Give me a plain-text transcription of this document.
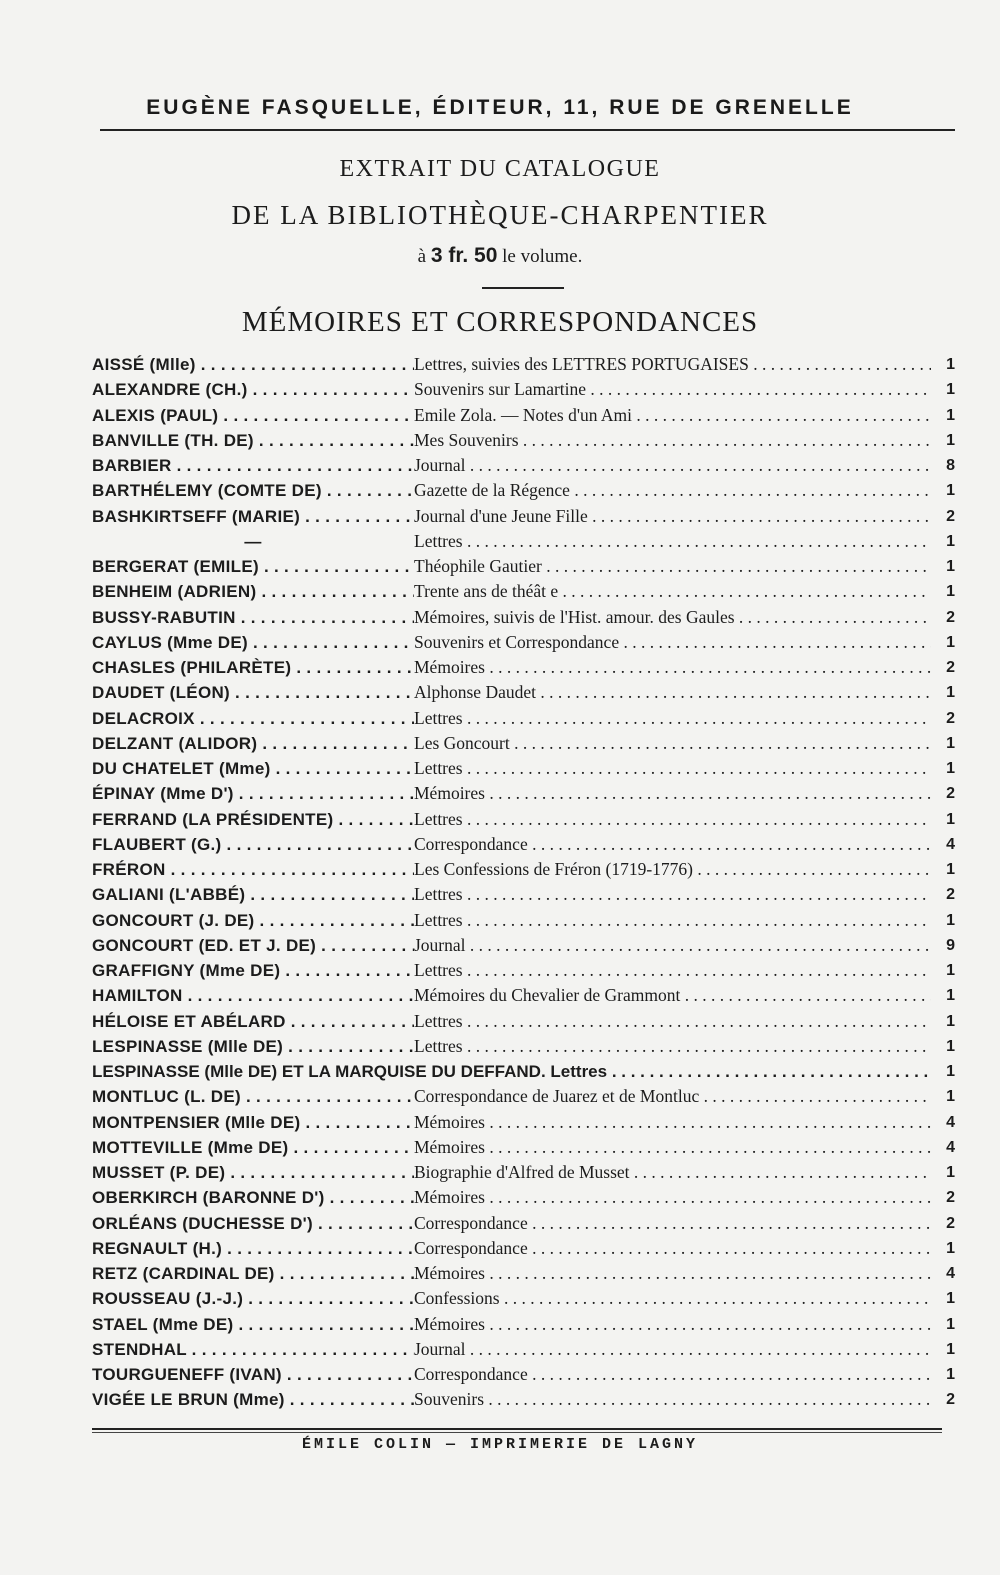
EUGÈNE FASQUELLE, ÉDITEUR, 11, RUE DE GRENELLE
EXTRAIT DU CATALOGUE
DE LA BIBLIOTHÈQUE-CHARPENTIER
à 3 fr. 50 le volume.
MÉMOIRES ET CORRESPONDANCES
AISSÉ (Mlle) . . .	Lettres, suivies des LETTRES PORTUGAISES . . .	1
ALEXANDRE (CH.) . . .	Souvenirs sur Lamartine . . .	1
ALEXIS (PAUL) . . .	Emile Zola. — Notes d'un Ami . . .	1
BANVILLE (TH. DE) . . .	Mes Souvenirs . . .	1
BARBIER . . .	Journal . . .	8
BARTHÉLEMY (COMTE DE) . . .	Gazette de la Régence . . .	1
BASHKIRTSEFF (MARIE) . . .	Journal d'une Jeune Fille . . .	2
—	Lettres . . .	1
BERGERAT (EMILE) . . .	Théophile Gautier . . .	1
BENHEIM (ADRIEN) . . .	Trente ans de théât e . . .	1
BUSSY-RABUTIN . . .	Mémoires, suivis de l'Hist. amour. des Gaules . . .	2
CAYLUS (Mme DE) . . .	Souvenirs et Correspondance . . .	1
CHASLES (PHILARÈTE) . . .	Mémoires . . .	2
DAUDET (LÉON) . . .	Alphonse Daudet . . .	1
DELACROIX . . .	Lettres . . .	2
DELZANT (ALIDOR) . . .	Les Goncourt . . .	1
DU CHATELET (Mme) . . .	Lettres . . .	1
ÉPINAY (Mme D') . . .	Mémoires . . .	2
FERRAND (LA PRÉSIDENTE) . . .	Lettres . . .	1
FLAUBERT (G.) . . .	Correspondance . . .	4
FRÉRON . . .	Les Confessions de Fréron (1719-1776) . . .	1
GALIANI (L'ABBÉ) . . .	Lettres . . .	2
GONCOURT (J. DE) . . .	Lettres . . .	1
GONCOURT (ED. ET J. DE) . . .	Journal . . .	9
GRAFFIGNY (Mme DE) . . .	Lettres . . .	1
HAMILTON . . .	Mémoires du Chevalier de Grammont . . .	1
HÉLOISE ET ABÉLARD . . .	Lettres . . .	1
LESPINASSE (Mlle DE) . . .	Lettres . . .	1
LESPINASSE (Mlle DE) ET LA MARQUISE DU DEFFAND. Lettres . . .	1
MONTLUC (L. DE) . . .	Correspondance de Juarez et de Montluc . . .	1
MONTPENSIER (Mlle DE) . . .	Mémoires . . .	4
MOTTEVILLE (Mme DE) . . .	Mémoires . . .	4
MUSSET (P. DE) . . .	Biographie d'Alfred de Musset . . .	1
OBERKIRCH (BARONNE D') . . .	Mémoires . . .	2
ORLÉANS (DUCHESSE D') . . .	Correspondance . . .	2
REGNAULT (H.) . . .	Correspondance . . .	1
RETZ (CARDINAL DE) . . .	Mémoires . . .	4
ROUSSEAU (J.-J.) . . .	Confessions . . .	1
STAEL (Mme DE) . . .	Mémoires . . .	1
STENDHAL . . .	Journal . . .	1
TOURGUENEFF (IVAN) . . .	Correspondance . . .	1
VIGÉE LE BRUN (Mme) . . .	Souvenirs . . .	2
ÉMILE COLIN — IMPRIMERIE DE LAGNY
